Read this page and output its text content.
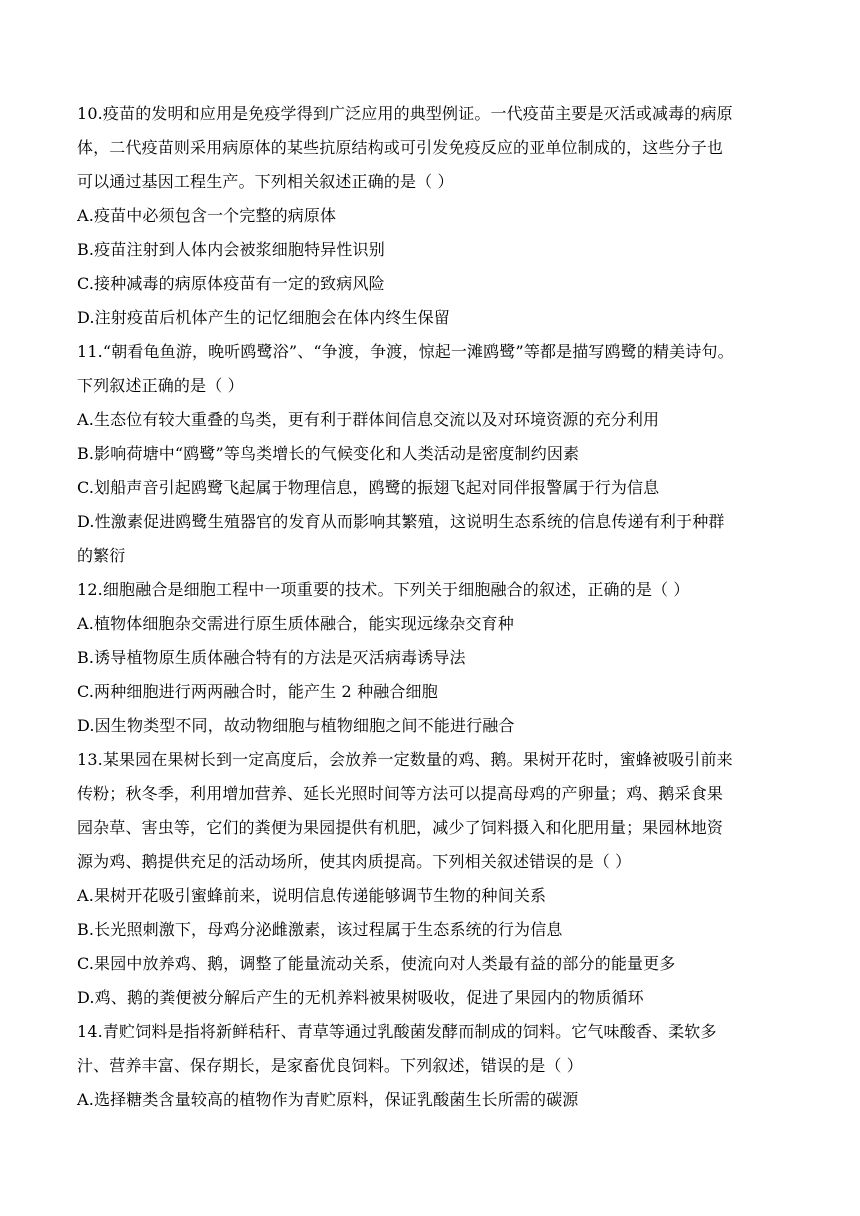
10.疫苗的发明和应用是免疫学得到广泛应用的典型例证。一代疫苗主要是灭活或减毒的病原
体，二代疫苗则采用病原体的某些抗原结构或可引发免疫反应的亚单位制成的，这些分子也
可以通过基因工程生产。下列相关叙述正确的是（ ）
A.疫苗中必须包含一个完整的病原体
B.疫苗注射到人体内会被浆细胞特异性识别
C.接种减毒的病原体疫苗有一定的致病风险
D.注射疫苗后机体产生的记忆细胞会在体内终生保留
11.“朝看龟鱼游，晚听鸥鹭浴”、“争渡，争渡，惊起一滩鸥鹭”等都是描写鸥鹭的精美诗句。
下列叙述正确的是（ ）
A.生态位有较大重叠的鸟类，更有利于群体间信息交流以及对环境资源的充分利用
B.影响荷塘中“鸥鹭”等鸟类增长的气候变化和人类活动是密度制约因素
C.划船声音引起鸥鹭飞起属于物理信息，鸥鹭的振翅飞起对同伴报警属于行为信息
D.性激素促进鸥鹭生殖器官的发育从而影响其繁殖，这说明生态系统的信息传递有利于种群
的繁衍
12.细胞融合是细胞工程中一项重要的技术。下列关于细胞融合的叙述，正确的是（ ）
A.植物体细胞杂交需进行原生质体融合，能实现远缘杂交育种
B.诱导植物原生质体融合特有的方法是灭活病毒诱导法
C.两种细胞进行两两融合时，能产生 2 种融合细胞
D.因生物类型不同，故动物细胞与植物细胞之间不能进行融合
13.某果园在果树长到一定高度后，会放养一定数量的鸡、鹅。果树开花时，蜜蜂被吸引前来
传粉；秋冬季，利用增加营养、延长光照时间等方法可以提高母鸡的产卵量；鸡、鹅采食果
园杂草、害虫等，它们的粪便为果园提供有机肥，减少了饲料摄入和化肥用量；果园林地资
源为鸡、鹅提供充足的活动场所，使其肉质提高。下列相关叙述错误的是（ ）
A.果树开花吸引蜜蜂前来，说明信息传递能够调节生物的种间关系
B.长光照刺激下，母鸡分泌雌激素，该过程属于生态系统的行为信息
C.果园中放养鸡、鹅，调整了能量流动关系，使流向对人类最有益的部分的能量更多
D.鸡、鹅的粪便被分解后产生的无机养料被果树吸收，促进了果园内的物质循环
14.青贮饲料是指将新鲜秸秆、青草等通过乳酸菌发酵而制成的饲料。它气味酸香、柔软多
汁、营养丰富、保存期长，是家畜优良饲料。下列叙述，错误的是（ ）
A.选择糖类含量较高的植物作为青贮原料，保证乳酸菌生长所需的碳源
